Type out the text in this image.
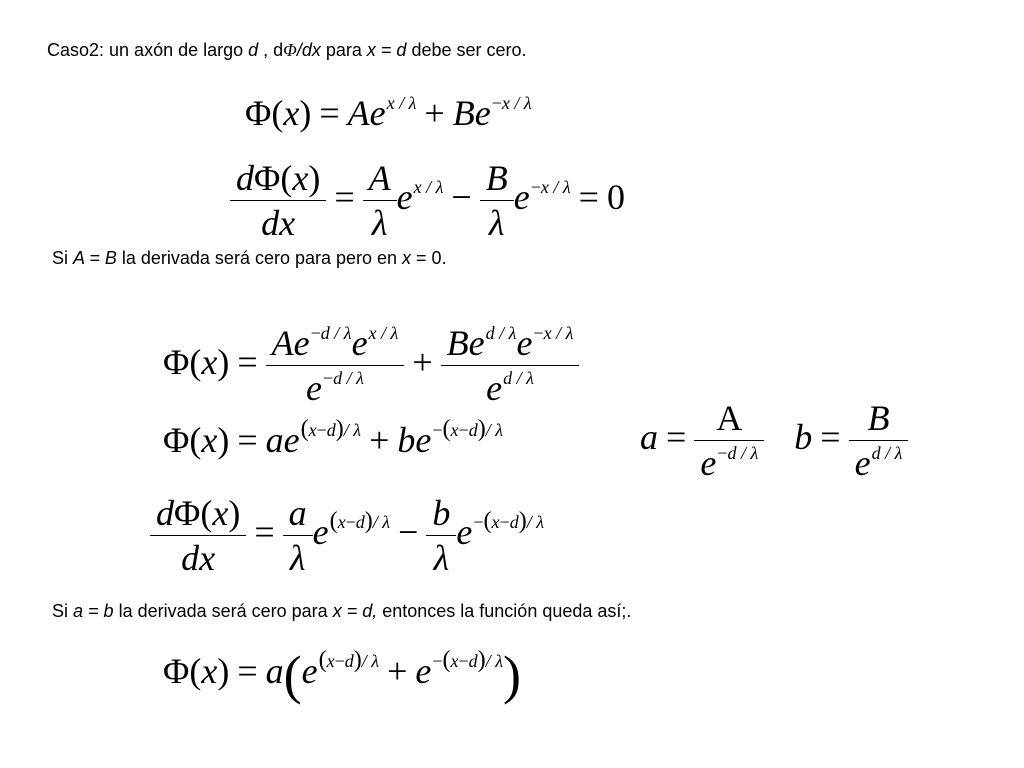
Caso2: un axón de largo d , dΦ/dx para x = d debe ser cero.
$\Phi(x) = Ae^{x / \lambda} + Be^{-x / \lambda}$
$\frac{d\Phi(x)}{dx} = \frac{A}{\lambda} e^{x / \lambda} - \frac{B}{\lambda} e^{-x / \lambda} = 0$
Si A = B la derivada será cero para pero en x = 0.
$\Phi(x) = \frac{Ae^{-d / \lambda}e^{x / \lambda}}{e^{-d / \lambda}} + \frac{Be^{d / \lambda}e^{-x / \lambda}}{e^{d / \lambda}}$
$\Phi(x) = ae^{(x-d)/ \lambda} + be^{-(x-d)/ \lambda}$	$a = \frac{A}{e^{-d / \lambda}}$ $b = \frac{B}{e^{d / \lambda}}$
$\frac{d\Phi(x)}{dx} = \frac{a}{\lambda} e^{(x-d)/ \lambda} - \frac{b}{\lambda} e^{-(x-d)/ \lambda}$
Si a = b la derivada será cero para x = d, entonces la función queda así;.
$\Phi(x) = a(e^{(x-d)/ \lambda} + e^{-(x-d)/ \lambda})$
